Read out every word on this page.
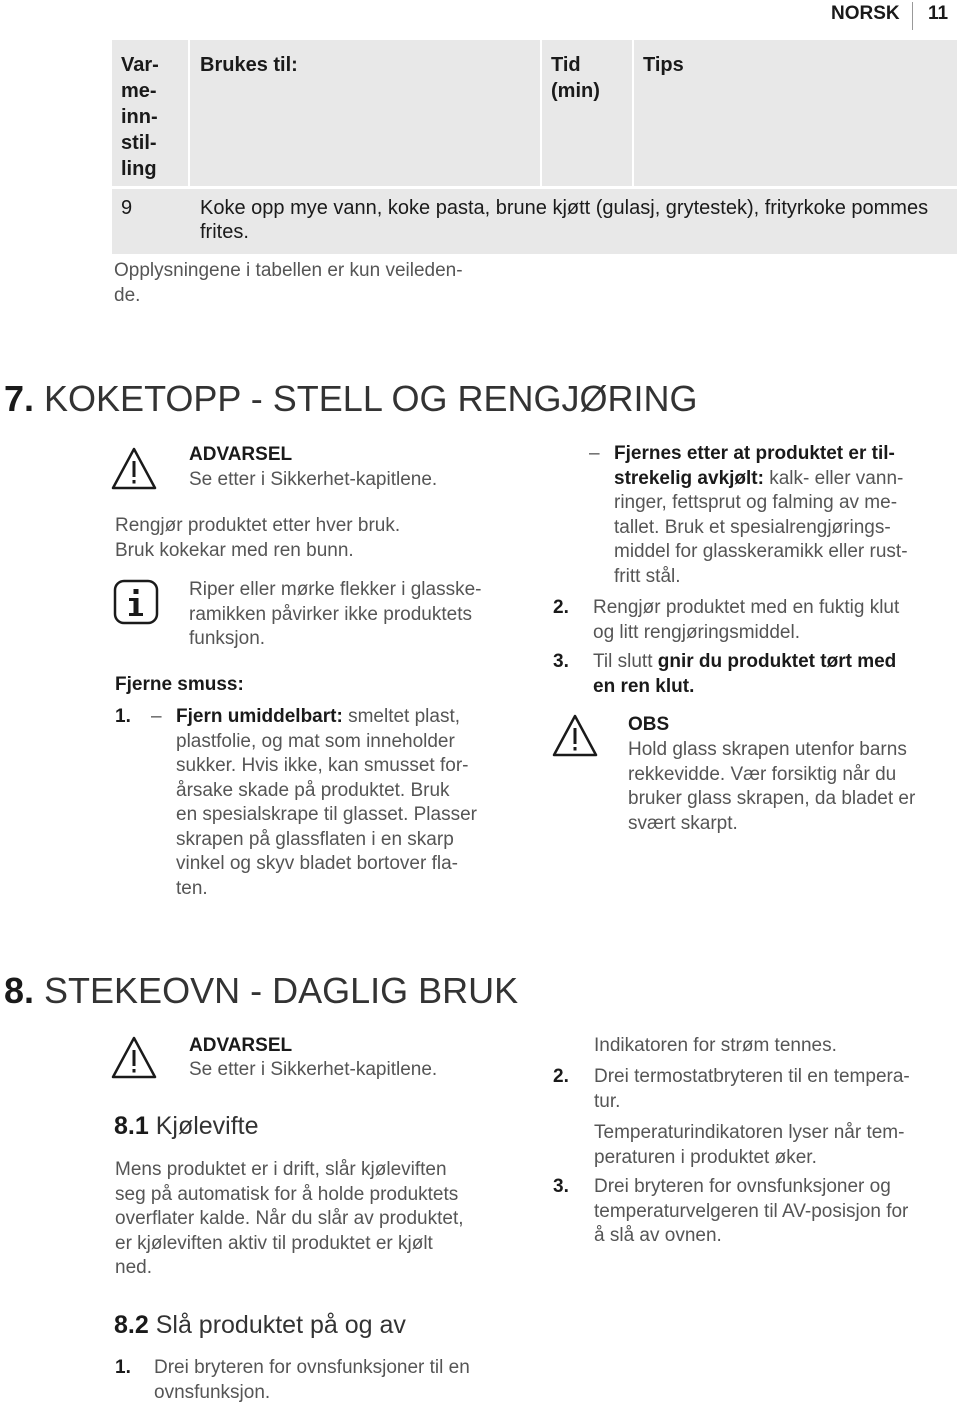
NORSK 11
Var-
me-
inn-
stil-
ling
Brukes til:	Tid
(min)
Tips
9	Koke opp mye vann, koke pasta, brune kjøtt (gulasj, grytestek), frityrkoke pommes frites.
Opplysningene i tabellen er kun veileden-
de.
7. KOKETOPP - STELL OG RENGJØRING
ADVARSEL
Se etter i Sikkerhet-kapitlene.
Rengjør produktet etter hver bruk.
Bruk kokekar med ren bunn.
Riper eller mørke flekker i glasske-
ramikken påvirker ikke produktets
funksjon.
Fjerne smuss:
1. – Fjern umiddelbart: smeltet plast,
plastfolie, og mat som inneholder
sukker. Hvis ikke, kan smusset for-
årsake skade på produktet. Bruk
en spesialskrape til glasset. Plasser
skrapen på glassflaten i en skarp
vinkel og skyv bladet bortover fla-
ten.
– Fjernes etter at produktet er til-
strekelig avkjølt: kalk- eller vann-
ringer, fettsprut og falming av me-
tallet. Bruk et spesialrengjørings-
middel for glasskeramikk eller rust-
fritt stål.
2. Rengjør produktet med en fuktig klut
og litt rengjøringsmiddel.
3. Til slutt gnir du produktet tørt med
en ren klut.
OBS
Hold glass skrapen utenfor barns
rekkevidde. Vær forsiktig når du
bruker glass skrapen, da bladet er
svært skarpt.
8. STEKEOVN - DAGLIG BRUK
ADVARSEL
Se etter i Sikkerhet-kapitlene.
8.1 Kjølevifte
Mens produktet er i drift, slår kjøleviften
seg på automatisk for å holde produktets
overflater kalde. Når du slår av produktet,
er kjøleviften aktiv til produktet er kjølt
ned.
8.2 Slå produktet på og av
1. Drei bryteren for ovnsfunksjoner til en
ovnsfunksjon.
Indikatoren for strøm tennes.
2. Drei termostatbryteren til en tempera-
tur.
Temperaturindikatoren lyser når tem-
peraturen i produktet øker.
3. Drei bryteren for ovnsfunksjoner og
temperaturvelgeren til AV-posisjon for
å slå av ovnen.
